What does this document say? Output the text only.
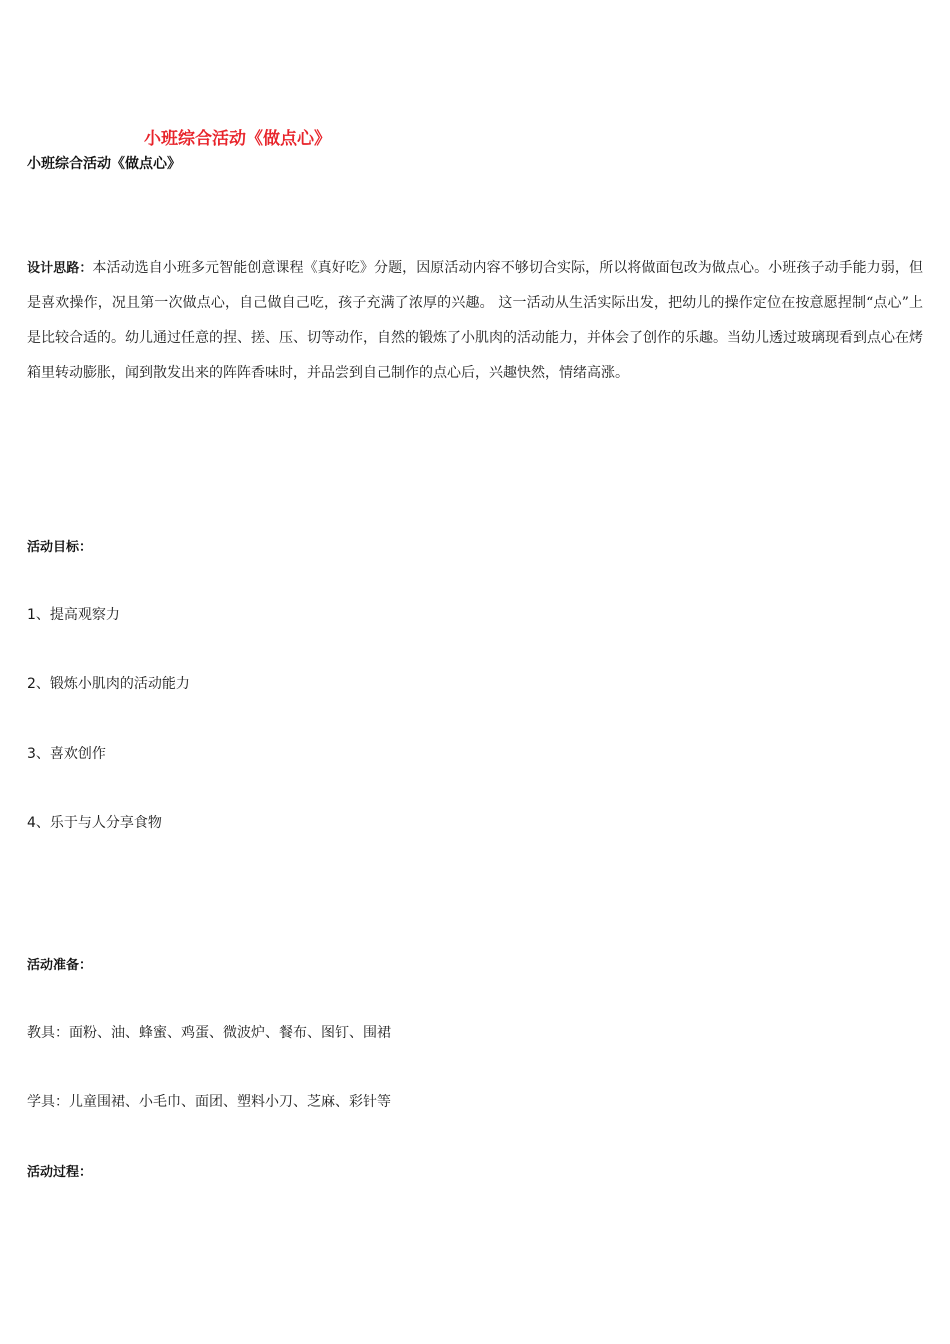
小班综合活动《做点心》
小班综合活动《做点心》
设计思路：本活动选自小班多元智能创意课程《真好吃》分题，因原活动内容不够切合实际，所以将做面包改为做点心。小班孩子动手能力弱，但是喜欢操作，况且第一次做点心，自己做自己吃，孩子充满了浓厚的兴趣。 这一活动从生活实际出发，把幼儿的操作定位在按意愿捏制“点心”上是比较合适的。幼儿通过任意的捏、搓、压、切等动作，自然的锻炼了小肌肉的活动能力，并体会了创作的乐趣。当幼儿透过玻璃现看到点心在烤箱里转动膨胀，闻到散发出来的阵阵香味时，并品尝到自己制作的点心后，兴趣快然，情绪高涨。
活动目标：
1、提高观察力
2、锻炼小肌肉的活动能力
3、喜欢创作
4、乐于与人分享食物
活动准备：
教具：面粉、油、蜂蜜、鸡蛋、微波炉、餐布、图钉、围裙
学具：儿童围裙、小毛巾、面团、塑料小刀、芝麻、彩针等
活动过程：
